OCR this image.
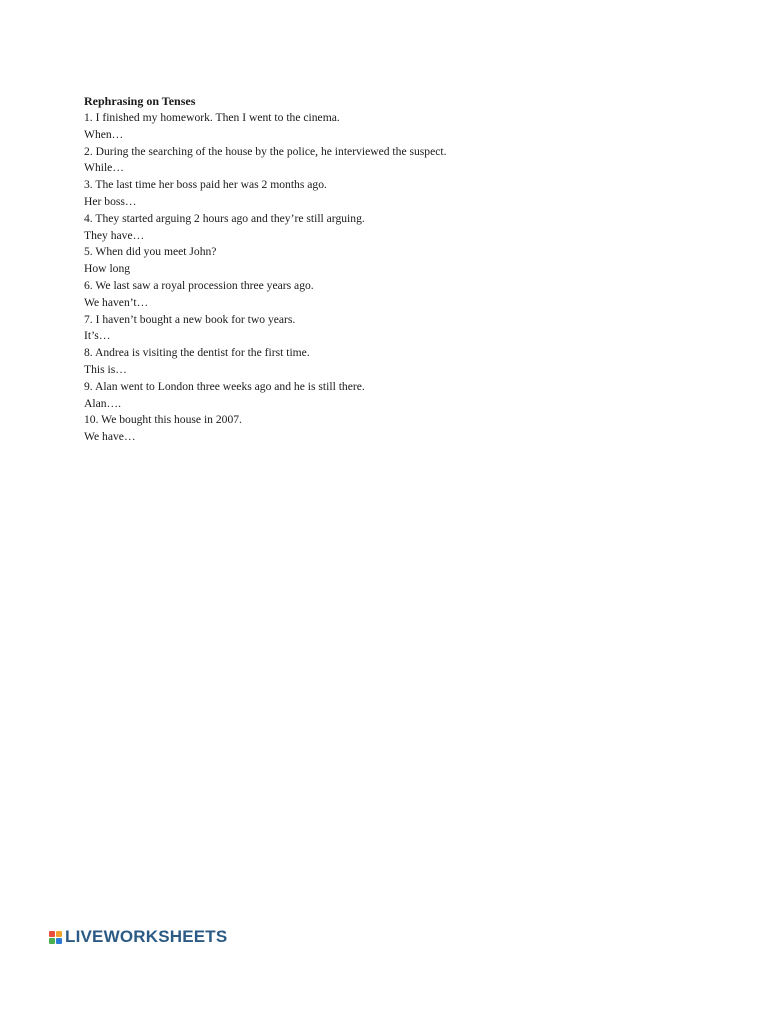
Rephrasing on Tenses

1. I finished my homework. Then I went to the cinema.
When…
2. During the searching of the house by the police, he interviewed the suspect.
While…
3. The last time her boss paid her was 2 months ago.
Her boss…
4. They started arguing 2 hours ago and they’re still arguing.
They have…
5. When did you meet John?
How long
6. We last saw a royal procession three years ago.
We haven’t…
7. I haven’t bought a new book for two years.
It’s…
8. Andrea is visiting the dentist for the first time.
This is…
9. Alan went to London three weeks ago and he is still there.
Alan….
10. We bought this house in 2007.
We have…
LIVEWORKSHEETS
